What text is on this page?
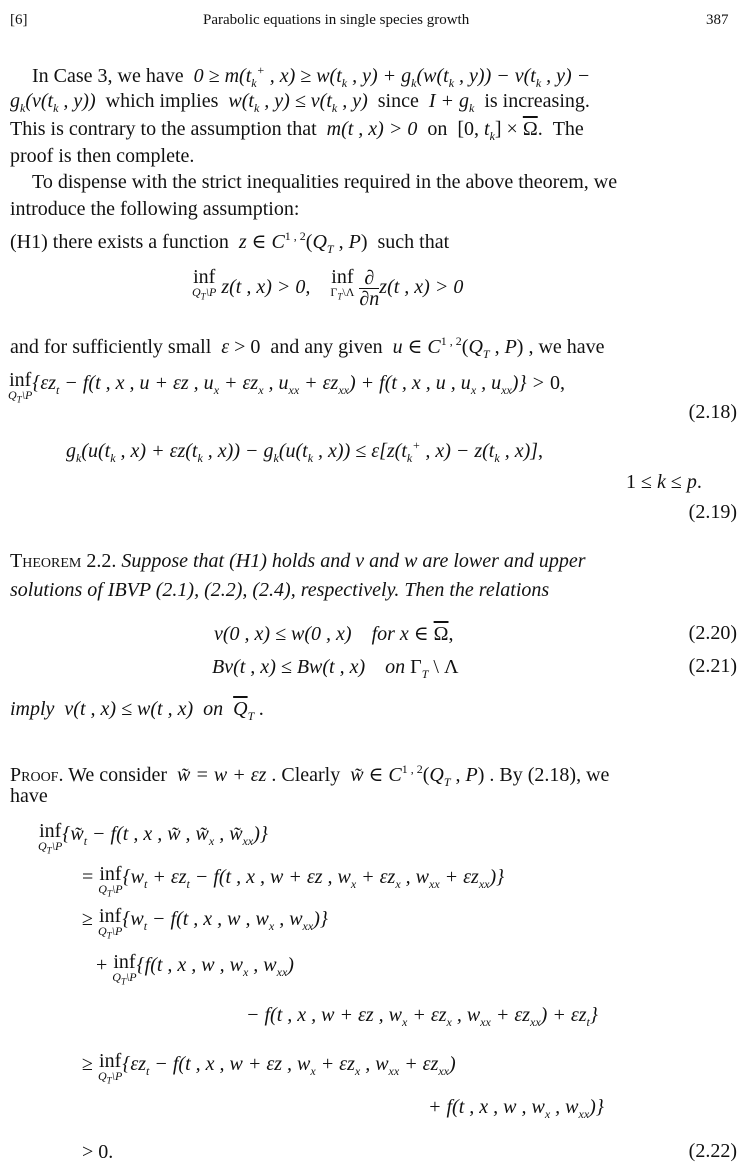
[6]	Parabolic equations in single species growth	387
In Case 3, we have  $0 \ge m(t_k^+$ , $x) \ge w(t_k$ , $y) + g_k(w(t_k$ , $y)) - v(t_k$ , y) −
$g_k(v(t_k$ , y))  which implies  $w(t_k$ , $y) \le v(t_k$ , y)  since  $I + g_k$  is increasing.
This is contrary to the assumption that  m(t , x) > 0  on  [0, $t_k] \times \overline{\Omega}$.  The
proof is then complete.
To dispense with the strict inequalities required in the above theorem, we
introduce the following assumption:
(H1) there exists a function  z ∈ $C^{1 , 2}(Q_T$ , P)  such that
inf
$Q_T\backslash P$ z(t , x) > 0, inf
$\Gamma_T\backslash\Lambda$
$\frac{\partial}{\partial n} z(t$ , x) > 0
and for sufficiently small  ε > 0  and any given  u ∈ $C^{1 , 2}(Q_T$ , P) , we have
inf
$Q_T\backslash P$
{$\varepsilon z_t - f(t$ , x , u + εz , $u_x + \varepsilon z_x$ , $u_{xx} + \varepsilon z_{xx}) + f(t$ , x , u , $u_x$ , $u_{xx})\} > 0$,
(2.18)
$g_k(u(t_k$ , $x) + \varepsilon z(t_k$ , $x)) - g_k(u(t_k$ , $x)) \le \varepsilon[z(t_k^+$ , $x) - z(t_k$ , x)],
1 ≤ k ≤ p.
(2.19)
Theorem 2.2. Suppose that (H1) holds and v and w are lower and upper
solutions of IBVP (2.1), (2.2), (2.4), respectively. Then the relations
v(0 , x) ≤ w(0 , x) for x ∈ $\overline{\Omega}$,	(2.20)
Bv(t , x) ≤ Bw(t , x) on $\Gamma_T$ \ Λ	(2.21)
imply  v(t , x) ≤ w(t , x)  on  $\overline{Q}_T$ .
Proof. We consider  w̃ = w + εz . Clearly  w̃ ∈ $C^{1 , 2}(Q_T$ , P) . By (2.18), we
have
inf
$Q_T\backslash P$
{$w̃_t - f(t$ , x , w̃ , $w̃_x$ , $w̃_{xx}$)}
= inf
$Q_T\backslash P$
{$w_t + \varepsilon z_t - f(t$ , x , w + εz , $w_x + \varepsilon z_x$ , $w_{xx} + \varepsilon z_{xx}$)}
≥ inf
$Q_T\backslash P$
{$w_t - f(t$ , x , w , $w_x$ , $w_{xx}$)}
+ inf
$Q_T\backslash P$
{f(t , x , w , $w_x$ , $w_{xx}$)
− f(t , x , w + εz , $w_x + \varepsilon z_x$ , $w_{xx} + \varepsilon z_{xx}) + \varepsilon z_t$}
≥ inf
$Q_T\backslash P$
{$\varepsilon z_t - f(t$ , x , w + εz , $w_x + \varepsilon z_x$ , $w_{xx} + \varepsilon z_{xx}$)
+ f(t , x , w , $w_x$ , $w_{xx}$)}
> 0.	(2.22)
